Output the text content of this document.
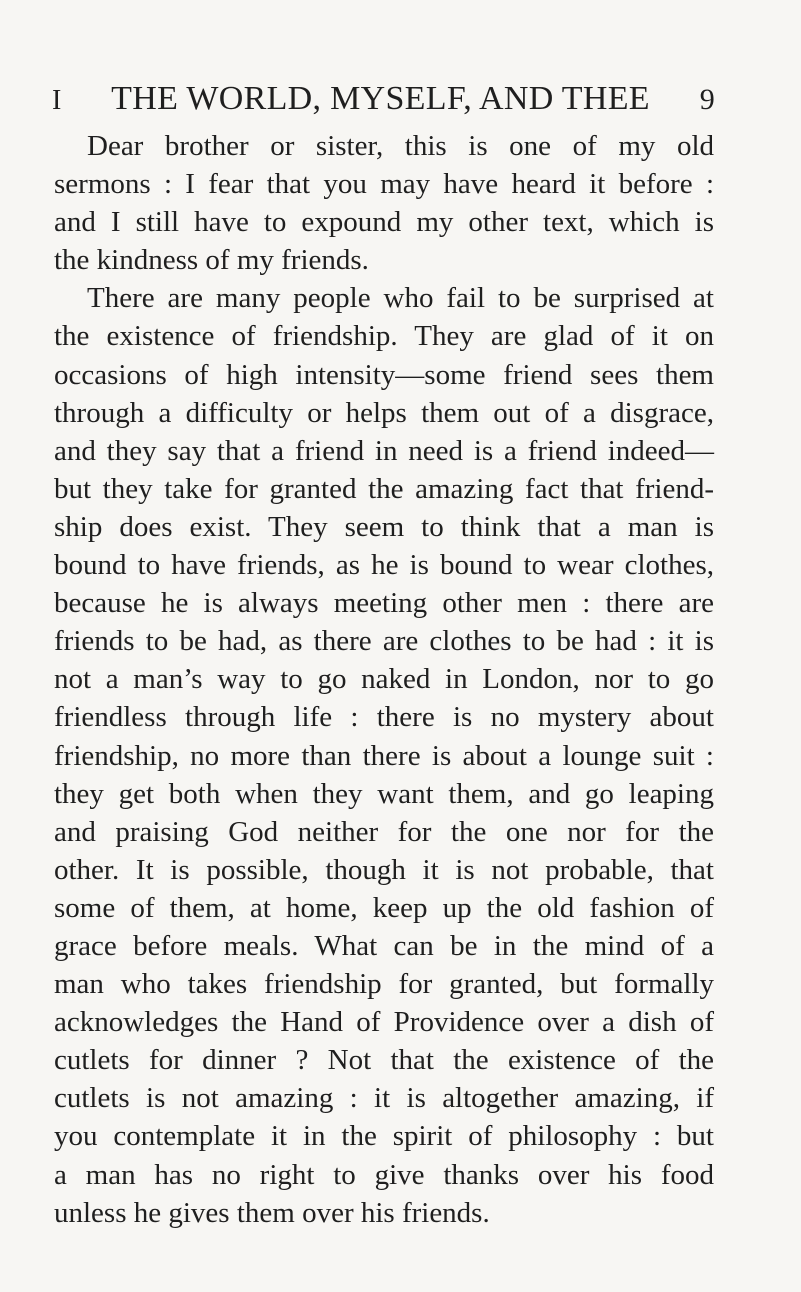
I	THE WORLD, MYSELF, AND THEE	9
Dear brother or sister, this is one of my old
sermons : I fear that you may have heard it before :
and I still have to expound my other text, which is
the kindness of my friends.
There are many people who fail to be surprised at
the existence of friendship. They are glad of it on
occasions of high intensity—some friend sees them
through a difficulty or helps them out of a disgrace,
and they say that a friend in need is a friend indeed—
but they take for granted the amazing fact that friend-
ship does exist. They seem to think that a man is
bound to have friends, as he is bound to wear clothes,
because he is always meeting other men : there are
friends to be had, as there are clothes to be had : it is
not a man’s way to go naked in London, nor to go
friendless through life : there is no mystery about
friendship, no more than there is about a lounge suit :
they get both when they want them, and go leaping
and praising God neither for the one nor for the
other. It is possible, though it is not probable, that
some of them, at home, keep up the old fashion of
grace before meals. What can be in the mind of a
man who takes friendship for granted, but formally
acknowledges the Hand of Providence over a dish of
cutlets for dinner ? Not that the existence of the
cutlets is not amazing : it is altogether amazing, if
you contemplate it in the spirit of philosophy : but
a man has no right to give thanks over his food
unless he gives them over his friends.
